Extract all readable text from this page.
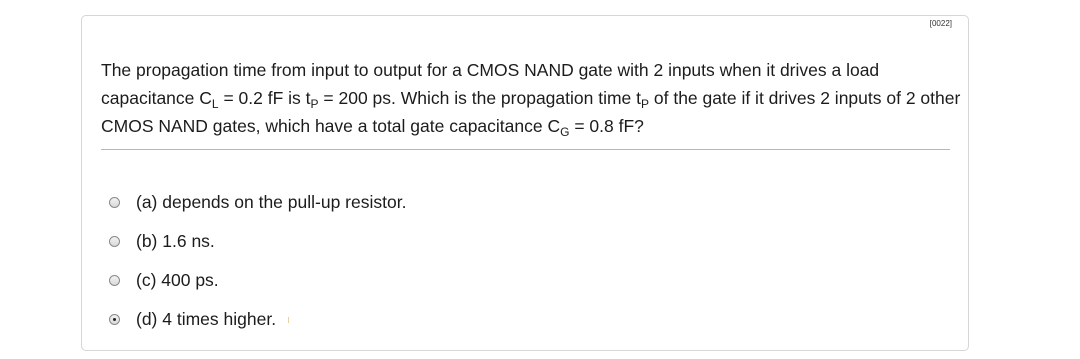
[0022]
The propagation time from input to output for a CMOS NAND gate with 2 inputs when it drives a load capacitance $C_L = 0.2$ fF is $t_P = 200$ ps. Which is the propagation time $t_P$ of the gate if it drives 2 inputs of 2 other CMOS NAND gates, which have a total gate capacitance $C_G = 0.8$ fF?
(a) depends on the pull-up resistor.
(b) 1.6 ns.
(c) 400 ps.
(d) 4 times higher.
